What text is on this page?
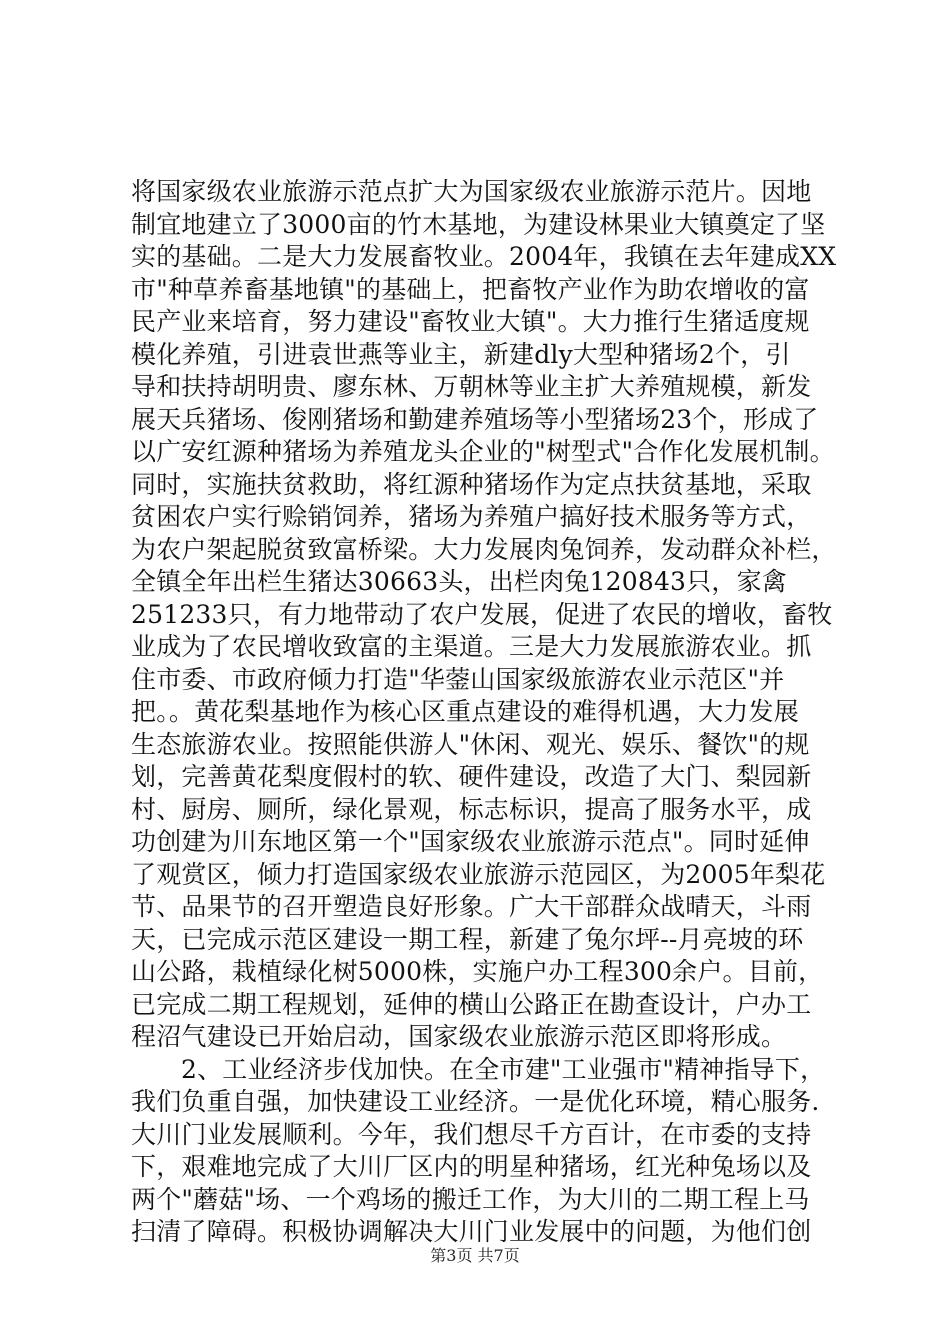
将国家级农业旅游示范点扩大为国家级农业旅游示范片。因地
制宜地建立了3000亩的竹木基地，为建设林果业大镇奠定了坚
实的基础。二是大力发展畜牧业。2004年，我镇在去年建成XX
市"种草养畜基地镇"的基础上，把畜牧产业作为助农增收的富
民产业来培育，努力建设"畜牧业大镇"。大力推行生猪适度规
模化养殖，引进袁世燕等业主，新建dly大型种猪场2个，引
导和扶持胡明贵、廖东林、万朝林等业主扩大养殖规模，新发
展天兵猪场、俊刚猪场和勤建养殖场等小型猪场23个，形成了
以广安红源种猪场为养殖龙头企业的"树型式"合作化发展机制。
同时，实施扶贫救助，将红源种猪场作为定点扶贫基地，采取
贫困农户实行赊销饲养，猪场为养殖户搞好技术服务等方式，
为农户架起脱贫致富桥梁。大力发展肉兔饲养，发动群众补栏，
全镇全年出栏生猪达30663头，出栏肉兔120843只，家禽
251233只，有力地带动了农户发展，促进了农民的增收，畜牧
业成为了农民增收致富的主渠道。三是大力发展旅游农业。抓
住市委、市政府倾力打造"华蓥山国家级旅游农业示范区"并
把。。黄花梨基地作为核心区重点建设的难得机遇，大力发展
生态旅游农业。按照能供游人"休闲、观光、娱乐、餐饮"的规
划，完善黄花梨度假村的软、硬件建设，改造了大门、梨园新
村、厨房、厕所，绿化景观，标志标识，提高了服务水平，成
功创建为川东地区第一个"国家级农业旅游示范点"。同时延伸
了观赏区，倾力打造国家级农业旅游示范园区，为2005年梨花
节、品果节的召开塑造良好形象。广大干部群众战晴天，斗雨
天，已完成示范区建设一期工程，新建了兔尔坪--月亮坡的环
山公路，栽植绿化树5000株，实施户办工程300余户。目前，
已完成二期工程规划，延伸的横山公路正在勘查设计，户办工
程沼气建设已开始启动，国家级农业旅游示范区即将形成。
2、工业经济步伐加快。在全市建"工业强市"精神指导下，
我们负重自强，加快建设工业经济。一是优化环境，精心服务.
大川门业发展顺利。今年，我们想尽千方百计，在市委的支持
下，艰难地完成了大川厂区内的明星种猪场，红光种兔场以及
两个"蘑菇"场、一个鸡场的搬迁工作，为大川的二期工程上马
扫清了障碍。积极协调解决大川门业发展中的问题，为他们创
第3页 共7页
